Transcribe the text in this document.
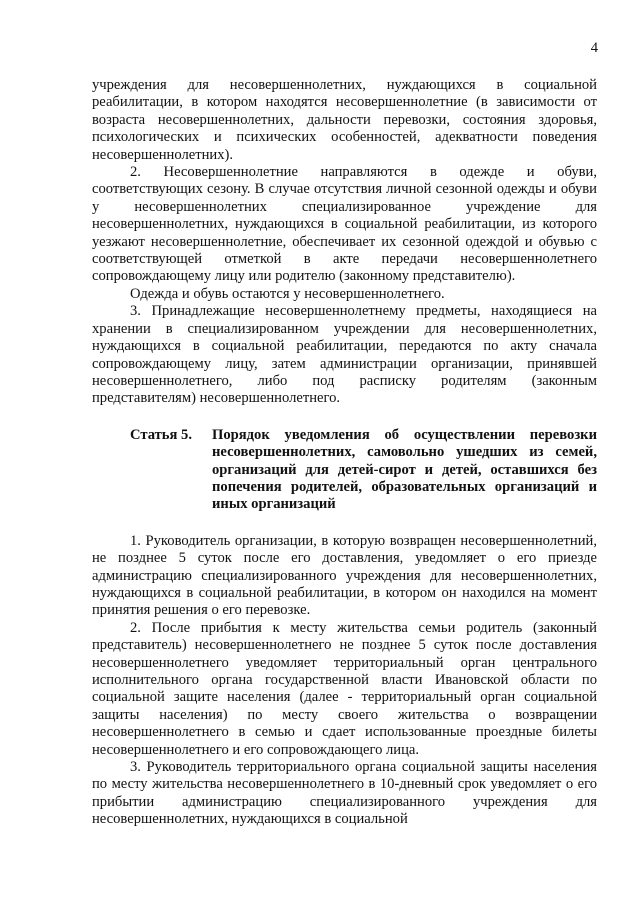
4

учреждения для несовершеннолетних, нуждающихся в социальной реабилитации, в котором находятся несовершеннолетние (в зависимости от возраста несовершеннолетних, дальности перевозки, состояния здоровья, психологических и психических особенностей, адекватности поведения несовершеннолетних).

2. Несовершеннолетние направляются в одежде и обуви, соответствующих сезону. В случае отсутствия личной сезонной одежды и обуви у несовершеннолетних специализированное учреждение для несовершеннолетних, нуждающихся в социальной реабилитации, из которого уезжают несовершеннолетние, обеспечивает их сезонной одеждой и обувью с соответствующей отметкой в акте передачи несовершеннолетнего сопровождающему лицу или родителю (законному представителю).

Одежда и обувь остаются у несовершеннолетнего.

3. Принадлежащие несовершеннолетнему предметы, находящиеся на хранении в специализированном учреждении для несовершеннолетних, нуждающихся в социальной реабилитации, передаются по акту сначала сопровождающему лицу, затем администрации организации, принявшей несовершеннолетнего, либо под расписку родителям (законным представителям) несовершеннолетнего.

Статья 5.	Порядок уведомления об осуществлении перевозки несовершеннолетних, самовольно ушедших из семей, организаций для детей-сирот и детей, оставшихся без попечения родителей, образовательных организаций и иных организаций

1. Руководитель организации, в которую возвращен несовершеннолетний, не позднее 5 суток после его доставления, уведомляет о его приезде администрацию специализированного учреждения для несовершеннолетних, нуждающихся в социальной реабилитации, в котором он находился на момент принятия решения о его перевозке.

2. После прибытия к месту жительства семьи родитель (законный представитель) несовершеннолетнего не позднее 5 суток после доставления несовершеннолетнего уведомляет территориальный орган центрального исполнительного органа государственной власти Ивановской области по социальной защите населения (далее - территориальный орган социальной защиты населения) по месту своего жительства о возвращении несовершеннолетнего в семью и сдает использованные проездные билеты несовершеннолетнего и его сопровождающего лица.

3. Руководитель территориального органа социальной защиты населения по месту жительства несовершеннолетнего в 10-дневный срок уведомляет о его прибытии администрацию специализированного учреждения для несовершеннолетних, нуждающихся в социальной
